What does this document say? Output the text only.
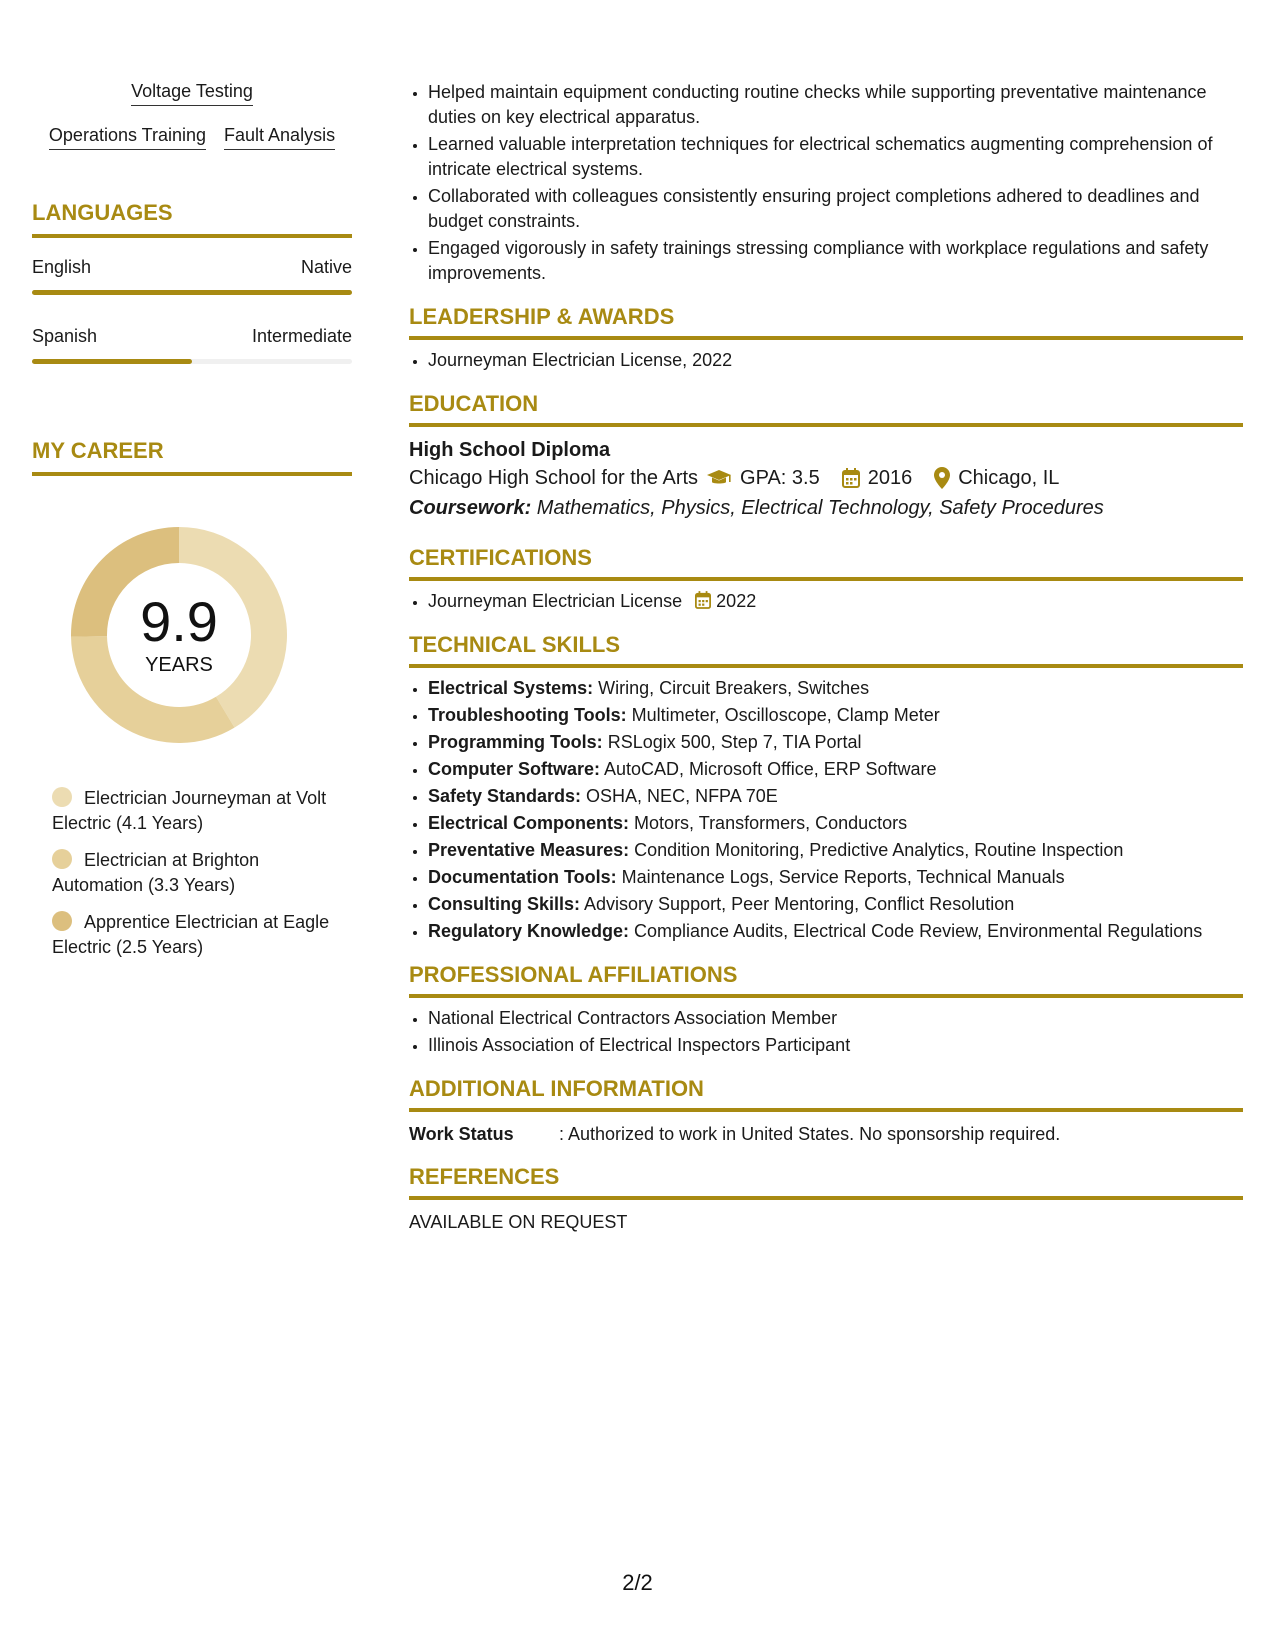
Voltage Testing
Operations Training Fault Analysis
LANGUAGES
English	Native
Spanish	Intermediate
MY CAREER
9.9
YEARS
Electrician Journeyman at Volt Electric (4.1 Years)
Electrician at Brighton Automation (3.3 Years)
Apprentice Electrician at Eagle Electric (2.5 Years)
• Helped maintain equipment conducting routine checks while supporting preventative maintenance duties on key electrical apparatus.
• Learned valuable interpretation techniques for electrical schematics augmenting comprehension of intricate electrical systems.
• Collaborated with colleagues consistently ensuring project completions adhered to deadlines and budget constraints.
• Engaged vigorously in safety trainings stressing compliance with workplace regulations and safety improvements.
LEADERSHIP & AWARDS
• Journeyman Electrician License, 2022
EDUCATION
High School Diploma
Chicago High School for the Arts GPA: 3.5 2016 Chicago, IL
Coursework: Mathematics, Physics, Electrical Technology, Safety Procedures
CERTIFICATIONS
• Journeyman Electrician License 2022
TECHNICAL SKILLS
• Electrical Systems: Wiring, Circuit Breakers, Switches
• Troubleshooting Tools: Multimeter, Oscilloscope, Clamp Meter
• Programming Tools: RSLogix 500, Step 7, TIA Portal
• Computer Software: AutoCAD, Microsoft Office, ERP Software
• Safety Standards: OSHA, NEC, NFPA 70E
• Electrical Components: Motors, Transformers, Conductors
• Preventative Measures: Condition Monitoring, Predictive Analytics, Routine Inspection
• Documentation Tools: Maintenance Logs, Service Reports, Technical Manuals
• Consulting Skills: Advisory Support, Peer Mentoring, Conflict Resolution
• Regulatory Knowledge: Compliance Audits, Electrical Code Review, Environmental Regulations
PROFESSIONAL AFFILIATIONS
• National Electrical Contractors Association Member
• Illinois Association of Electrical Inspectors Participant
ADDITIONAL INFORMATION
Work Status	: Authorized to work in United States. No sponsorship required.
REFERENCES
AVAILABLE ON REQUEST
2/2
